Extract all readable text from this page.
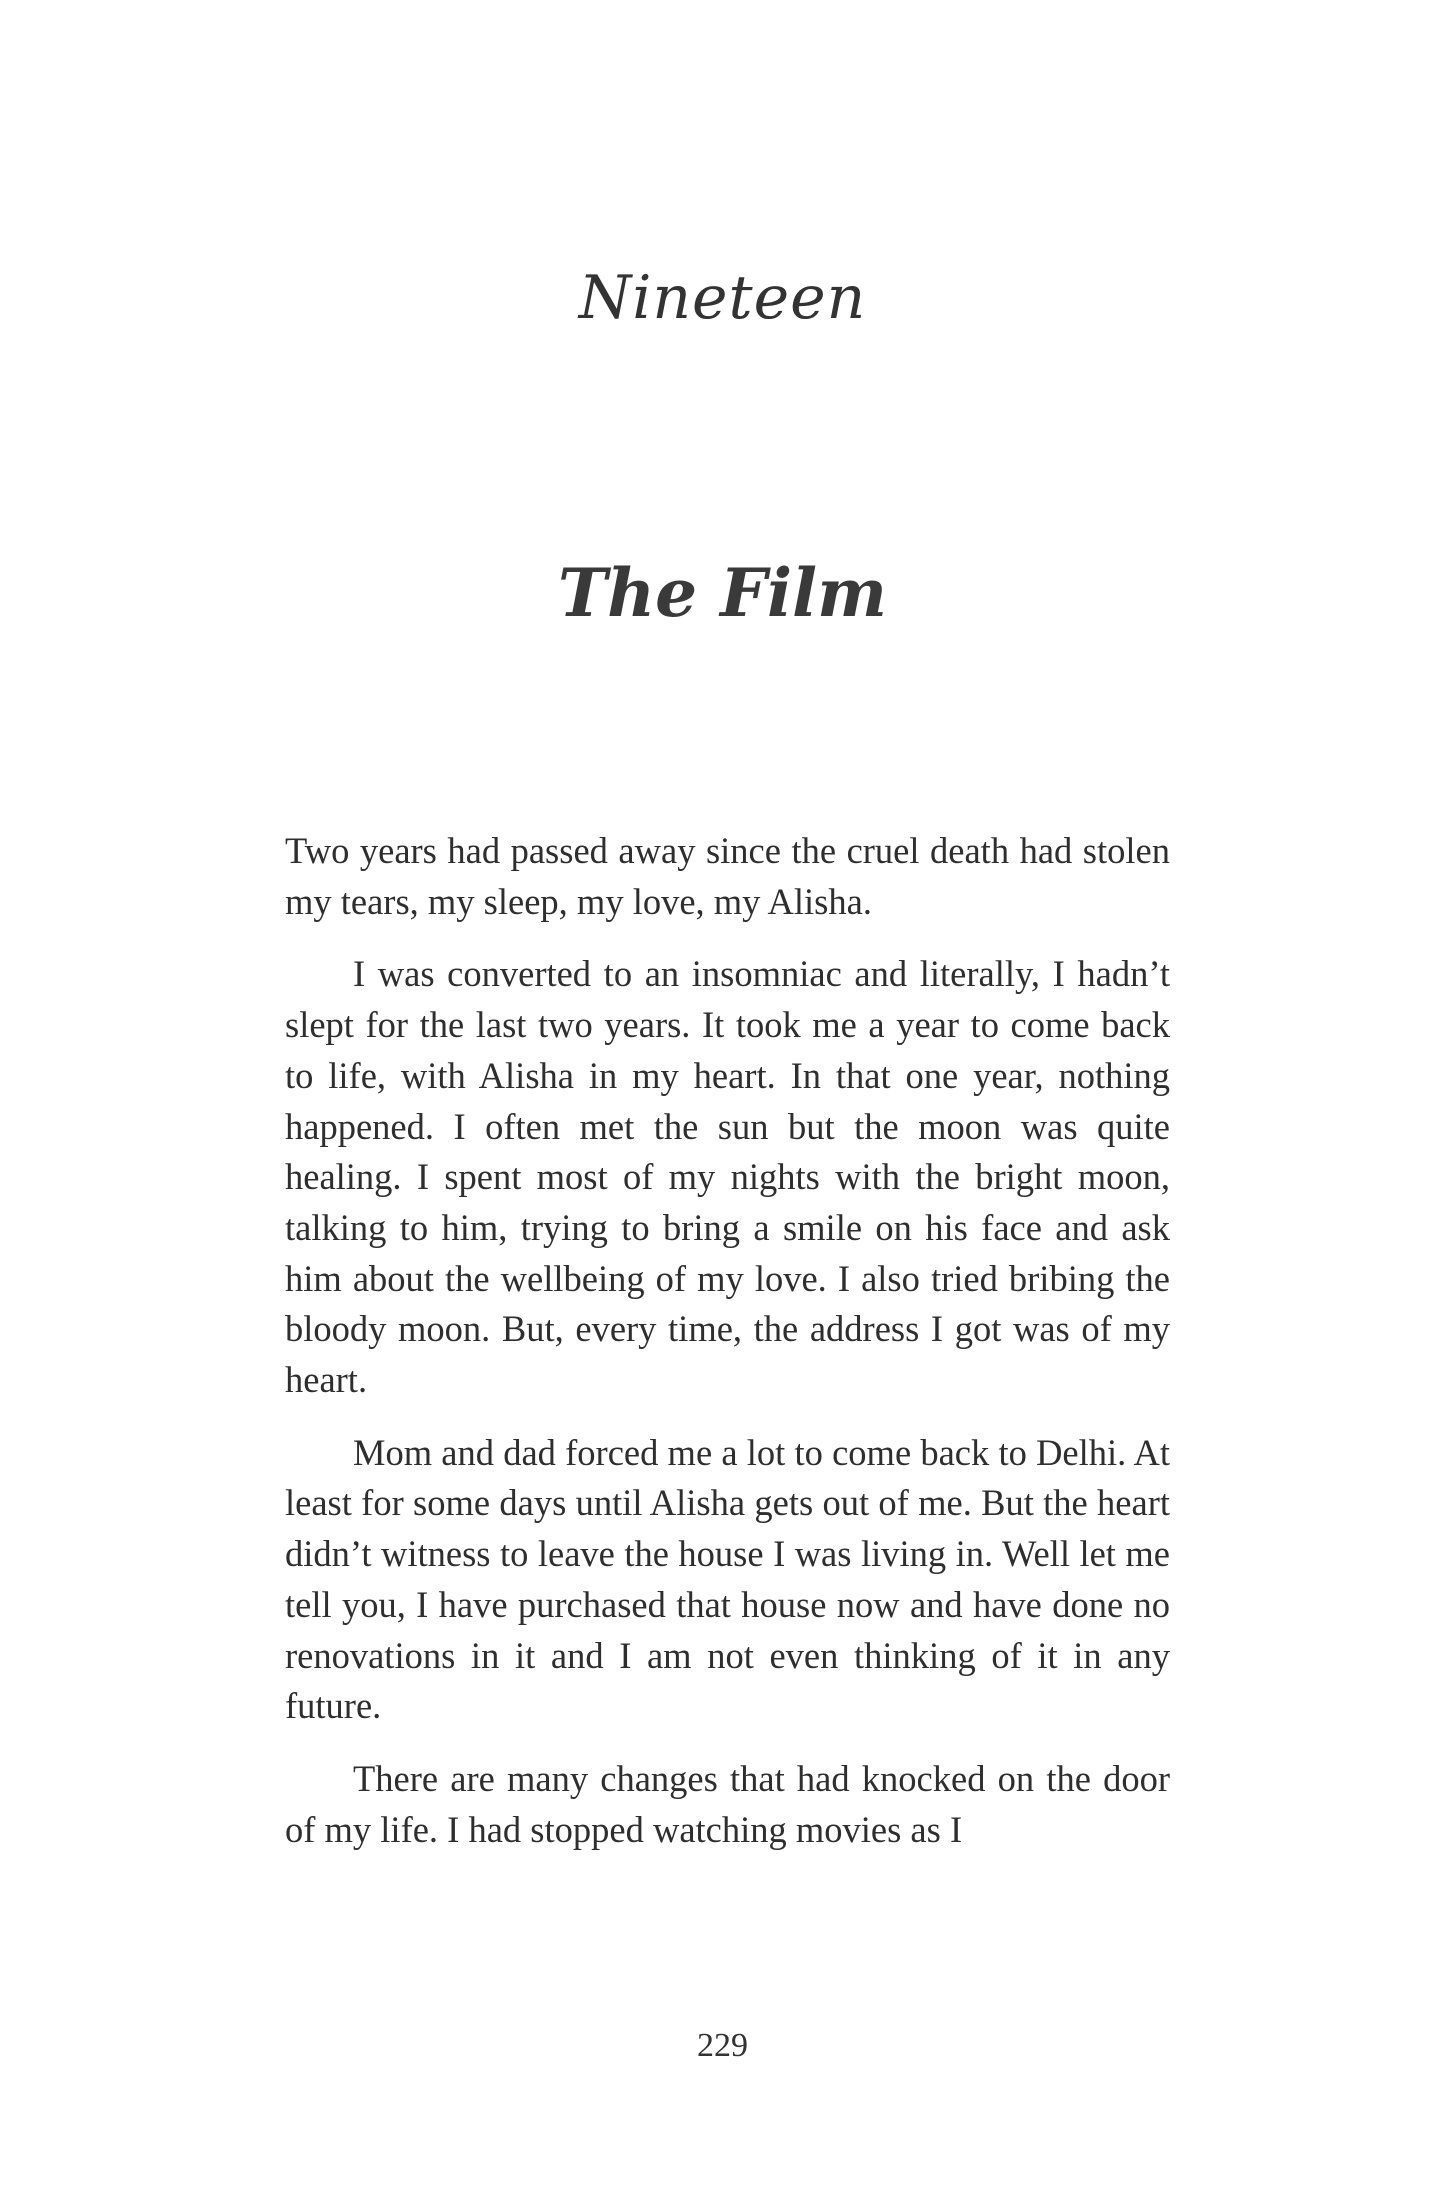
Nineteen
The Film

Two years had passed away since the cruel death had stolen my tears, my sleep, my love, my Alisha.

I was converted to an insomniac and literally, I hadn’t slept for the last two years. It took me a year to come back to life, with Alisha in my heart. In that one year, nothing happened. I often met the sun but the moon was quite healing. I spent most of my nights with the bright moon, talking to him, trying to bring a smile on his face and ask him about the wellbeing of my love. I also tried bribing the bloody moon. But, every time, the address I got was of my heart.

Mom and dad forced me a lot to come back to Delhi. At least for some days until Alisha gets out of me. But the heart didn’t witness to leave the house I was living in. Well let me tell you, I have purchased that house now and have done no renovations in it and I am not even thinking of it in any future.

There are many changes that had knocked on the door of my life. I had stopped watching movies as I

229
